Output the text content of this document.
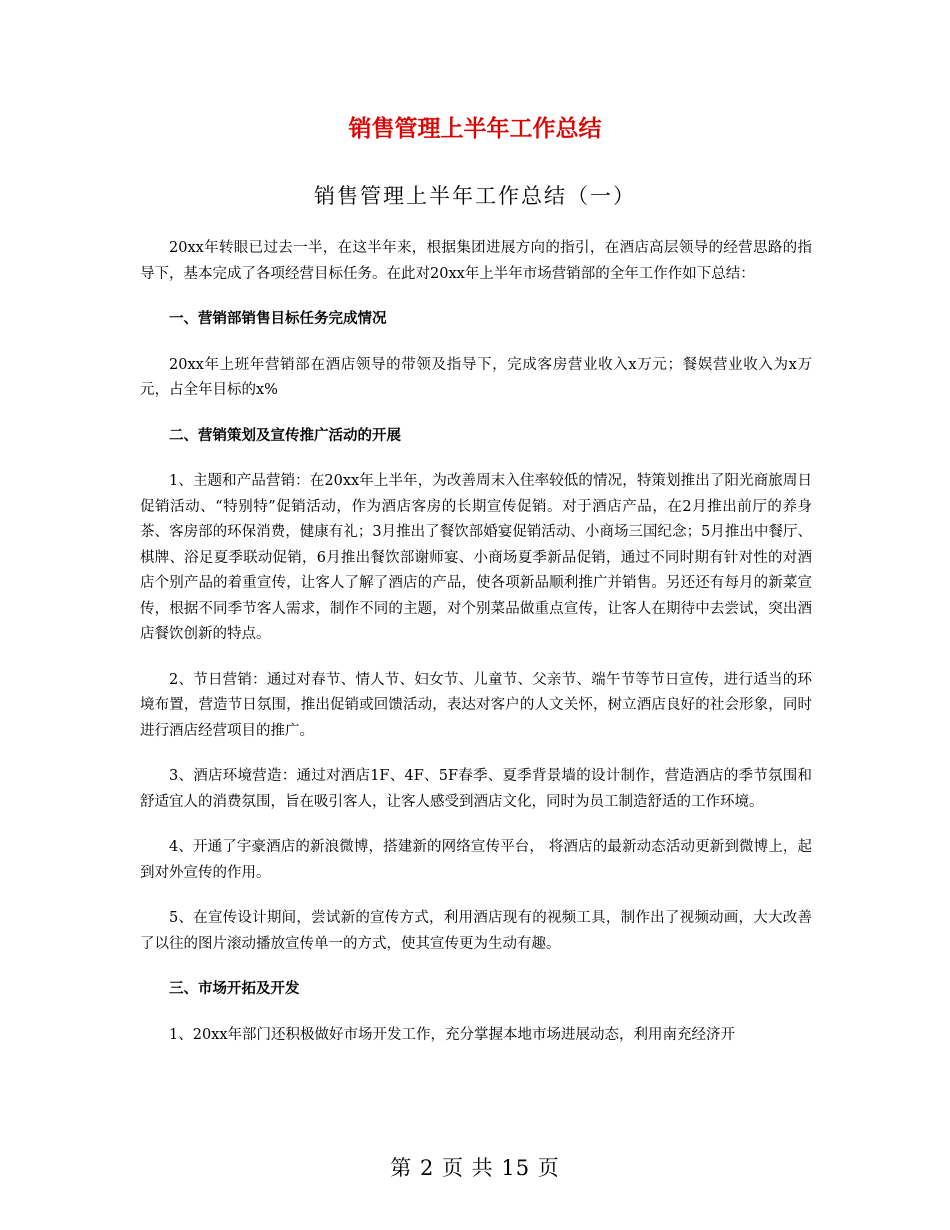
销售管理上半年工作总结
销售管理上半年工作总结（一）

20xx年转眼已过去一半，在这半年来，根据集团进展方向的指引，在酒店高层领导的经营思路的指导下，基本完成了各项经营目标任务。在此对20xx年上半年市场营销部的全年工作作如下总结：

一、营销部销售目标任务完成情况

20xx年上班年营销部在酒店领导的带领及指导下，完成客房营业收入x万元；餐娱营业收入为x万元，占全年目标的x%

二、营销策划及宣传推广活动的开展

1、主题和产品营销：在20xx年上半年，为改善周末入住率较低的情况，特策划推出了阳光商旅周日促销活动、“特别特”促销活动，作为酒店客房的长期宣传促销。对于酒店产品，在2月推出前厅的养身茶、客房部的环保消费，健康有礼；3月推出了餐饮部婚宴促销活动、小商场三国纪念；5月推出中餐厅、棋牌、浴足夏季联动促销，6月推出餐饮部谢师宴、小商场夏季新品促销，通过不同时期有针对性的对酒店个别产品的着重宣传，让客人了解了酒店的产品，使各项新品顺利推广并销售。另还还有每月的新菜宣传，根据不同季节客人需求，制作不同的主题，对个别菜品做重点宣传，让客人在期待中去尝试，突出酒店餐饮创新的特点。

2、节日营销：通过对春节、情人节、妇女节、儿童节、父亲节、端午节等节日宣传，进行适当的环境布置，营造节日氛围，推出促销或回馈活动，表达对客户的人文关怀，树立酒店良好的社会形象，同时进行酒店经营项目的推广。

3、酒店环境营造：通过对酒店1F、4F、5F春季、夏季背景墙的设计制作，营造酒店的季节氛围和舒适宜人的消费氛围，旨在吸引客人，让客人感受到酒店文化，同时为员工制造舒适的工作环境。

4、开通了宇豪酒店的新浪微博，搭建新的网络宣传平台， 将酒店的最新动态活动更新到微博上，起到对外宣传的作用。

5、在宣传设计期间，尝试新的宣传方式，利用酒店现有的视频工具，制作出了视频动画，大大改善了以往的图片滚动播放宣传单一的方式，使其宣传更为生动有趣。

三、市场开拓及开发

1、20xx年部门还积极做好市场开发工作，充分掌握本地市场进展动态，利用南充经济开

第 2 页 共 15 页
